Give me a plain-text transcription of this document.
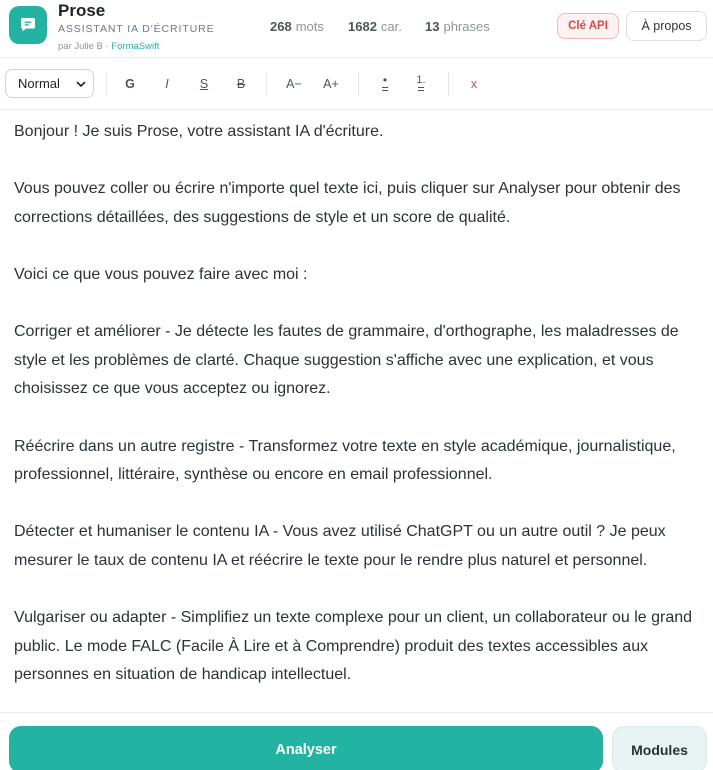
Prose
ASSISTANT IA D'ÉCRITURE
par Julie B · FormaSwift
268 mots 1682 car. 13 phrases	Clé API	À propos
Normal	G	I	S	B	A−	A+	•	1.	x

Bonjour ! Je suis Prose, votre assistant IA d'écriture.

Vous pouvez coller ou écrire n'importe quel texte ici, puis cliquer sur Analyser pour obtenir des corrections détaillées, des suggestions de style et un score de qualité.

Voici ce que vous pouvez faire avec moi :

Corriger et améliorer - Je détecte les fautes de grammaire, d'orthographe, les maladresses de style et les problèmes de clarté. Chaque suggestion s'affiche avec une explication, et vous choisissez ce que vous acceptez ou ignorez.

Réécrire dans un autre registre - Transformez votre texte en style académique, journalistique, professionnel, littéraire, synthèse ou encore en email professionnel.

Détecter et humaniser le contenu IA - Vous avez utilisé ChatGPT ou un autre outil ? Je peux mesurer le taux de contenu IA et réécrire le texte pour le rendre plus naturel et personnel.

Vulgariser ou adapter - Simplifiez un texte complexe pour un client, un collaborateur ou le grand public. Le mode FALC (Facile À Lire et à Comprendre) produit des textes accessibles aux personnes en situation de handicap intellectuel.

Analyser	Modules
